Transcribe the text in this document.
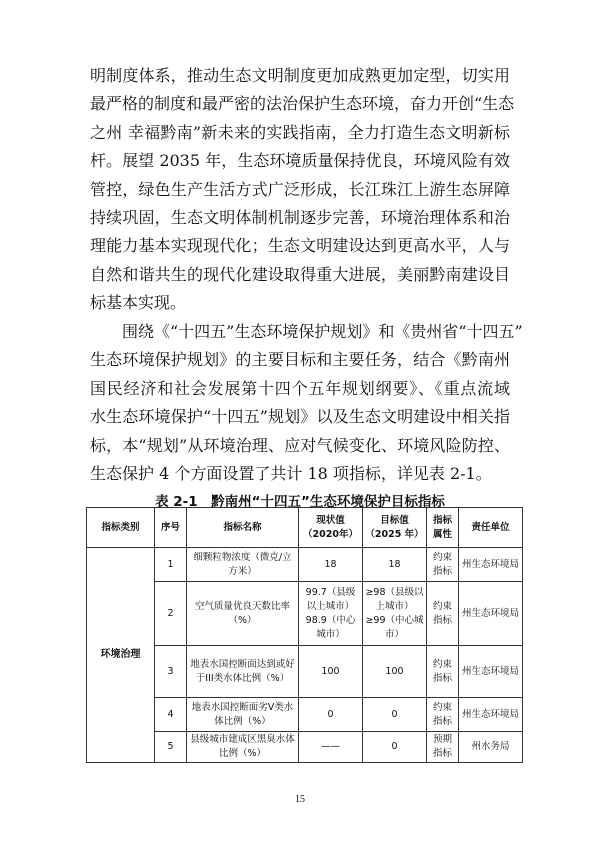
明制度体系，推动生态文明制度更加成熟更加定型，切实用
最严格的制度和最严密的法治保护生态环境，奋力开创“生态
之州 幸福黔南”新未来的实践指南，全力打造生态文明新标
杆。展望 2035 年，生态环境质量保持优良，环境风险有效
管控，绿色生产生活方式广泛形成，长江珠江上游生态屏障
持续巩固，生态文明体制机制逐步完善，环境治理体系和治
理能力基本实现现代化；生态文明建设达到更高水平，人与
自然和谐共生的现代化建设取得重大进展，美丽黔南建设目
标基本实现。
围绕《“十四五”生态环境保护规划》和《贵州省“十四五”
生态环境保护规划》的主要目标和主要任务，结合《黔南州
国民经济和社会发展第十四个五年规划纲要》、《重点流域
水生态环境保护“十四五”规划》以及生态文明建设中相关指
标，本“规划”从环境治理、应对气候变化、环境风险防控、
生态保护 4 个方面设置了共计 18 项指标，详见表 2-1。
表 2-1　黔南州“十四五”生态环境保护目标指标
指标类别	序号	指标名称	现状值（2020年）	目标值（2025 年）	指标属性	责任单位
环境治理	1	细颗粒物浓度（微克/立方米）	18	18	约束指标	州生态环境局
	2	空气质量优良天数比率（%）	99.7（县级以上城市）
98.9（中心城市）	≥98（县级以上城市）
≥99（中心城市）	约束指标	州生态环境局
	3	地表水国控断面达到或好于III类水体比例（%）	100	100	约束指标	州生态环境局
	4	地表水国控断面劣V类水体比例（%）	0	0	约束指标	州生态环境局
	5	县级城市建成区黑臭水体比例（%）	——	0	预期指标	州水务局
15
